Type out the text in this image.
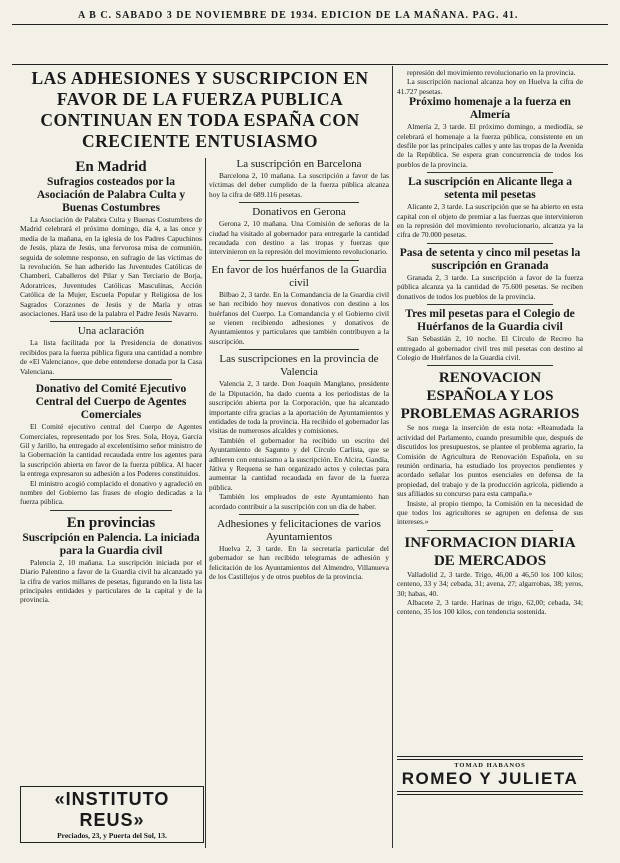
A B C. SABADO 3 DE NOVIEMBRE DE 1934. EDICION DE LA MAÑANA. PAG. 41.
LAS ADHESIONES Y SUSCRIPCION EN FAVOR DE LA FUERZA PUBLICA CONTINUAN EN TODA ESPAÑA CON CRECIENTE ENTUSIASMO
En Madrid
Sufragios costeados por la Asociación de Palabra Culta y Buenas Costumbres

La Asociación de Palabra Culta y Buenas Costumbres de Madrid celebrará el próximo domingo, día 4, a las once y media de la mañana, en la iglesia de los Padres Capuchinos de Jesús, plaza de Jesús, una fervorosa misa de comunión, seguida de solemne responso, en sufragio de las víctimas de la revolución. Se han adherido las Juventudes Católicas de Chamberí, Caballeros del Pilar y San Terciario de Borja, Adoratrices, Juventudes Católicas Masculinas, Acción Católica de la Mujer, Escuela Popular y Religiosa de los Sagrados Corazones de Jesús y de María y otras asociaciones. Hará uso de la palabra el Padre Jesús Navarro.

Una aclaración

La lista facilitada por la Presidencia de donativos recibidos para la fuerza pública figura una cantidad a nombre de «El Valenciano», que debe entenderse donada por la Casa Valenciana.

Donativo del Comité Ejecutivo Central del Cuerpo de Agentes Comerciales

El Comité ejecutivo central del Cuerpo de Agentes Comerciales, representado por los Sres. Sola, Hoya, García Gil y Jarillo, ha entregado al excelentísimo señor ministro de la Gobernación la cantidad recaudada entre los agentes para la suscripción abierta en favor de la fuerza pública. Al hacer la entrega expresaron su adhesión a los Poderes constituidos.

El ministro acogió complacido el donativo y agradeció en nombre del Gobierno las frases de elogio dedicadas a la fuerza pública.

En provincias
Suscripción en Palencia. La iniciada para la Guardia civil

Palencia 2, 10 mañana. La suscripción iniciada por el Diario Palentino a favor de la Guardia civil ha alcanzado ya la cifra de varios millares de pesetas, figurando en la lista las principales entidades y particulares de la capital y de la provincia.

«INSTITUTO REUS»
Preciados, 23, y Puerta del Sol, 13.
La suscripción en Barcelona

Barcelona 2, 10 mañana. La suscripción a favor de las víctimas del deber cumplido de la fuerza pública alcanza hoy la cifra de 689.116 pesetas.

Donativos en Gerona

Gerona 2, 10 mañana. Una Comisión de señoras de la ciudad ha visitado al gobernador para entregarle la cantidad recaudada con destino a las tropas y fuerzas que intervinieron en la represión del movimiento revolucionario.

En favor de los huérfanos de la Guardia civil

Bilbao 2, 3 tarde. En la Comandancia de la Guardia civil se han recibido hoy nuevos donativos con destino a los huérfanos del Cuerpo. La Comandancia y el Gobierno civil se vienen recibiendo adhesiones y donativos de Ayuntamientos y particulares que también contribuyen a la suscripción.

Las suscripciones en la provincia de Valencia

Valencia 2, 3 tarde. Don Joaquín Manglano, presidente de la Diputación, ha dado cuenta a los periodistas de la suscripción abierta por la Corporación, que ha alcanzado importante cifra gracias a la aportación de Ayuntamientos y entidades de toda la provincia. Ha recibido el gobernador las visitas de numerosos alcaldes y comisiones.

También el gobernador ha recibido un escrito del Ayuntamiento de Sagunto y del Círculo Carlista, que se adhieren con entusiasmo a la suscripción. En Alcira, Gandía, Játiva y Requena se han organizado actos y colectas para aumentar la cantidad recaudada en favor de la fuerza pública.

También los empleados de este Ayuntamiento han acordado contribuir a la suscripción con un día de haber.

Adhesiones y felicitaciones de varios Ayuntamientos

Huelva 2, 3 tarde. En la secretaría particular del gobernador se han recibido telegramas de adhesión y felicitación de los Ayuntamientos del Almendro, Villanueva de los Castillejos y de otros pueblos de la provincia.

represión del movimiento revolucionario en la provincia.

La suscripción nacional alcanza hoy en Huelva la cifra de 41.727 pesetas.

Próximo homenaje a la fuerza en Almería

Almería 2, 3 tarde. El próximo domingo, a mediodía, se celebrará el homenaje a la fuerza pública, consistente en un desfile por las principales calles y ante las tropas de la Avenida de la República. Se espera gran concurrencia de todos los pueblos de la provincia.

La suscripción en Alicante llega a setenta mil pesetas

Alicante 2, 3 tarde. La suscripción que se ha abierto en esta capital con el objeto de premiar a las fuerzas que intervinieron en la represión del movimiento revolucionario, alcanza ya la cifra de 70.000 pesetas.

Pasa de setenta y cinco mil pesetas la suscripción en Granada

Granada 2, 3 tarde. La suscripción a favor de la fuerza pública alcanza ya la cantidad de 75.600 pesetas. Se reciben donativos de todos los pueblos de la provincia.

Tres mil pesetas para el Colegio de Huérfanos de la Guardia civil

San Sebastián 2, 10 noche. El Círculo de Recreo ha entregado al gobernador civil tres mil pesetas con destino al Colegio de Huérfanos de la Guardia civil.

RENOVACION ESPAÑOLA Y LOS PROBLEMAS AGRARIOS

Se nos ruega la inserción de esta nota: «Reanudada la actividad del Parlamento, cuando presumible que, después de discutidos los presupuestos, se plantee el problema agrario, la Comisión de Agricultura de Renovación Española, en su reunión ordinaria, ha estudiado los proyectos pendientes y acordado señalar los puntos esenciales en defensa de la propiedad, del trabajo y de la producción agrícola, pidiendo a sus afiliados su concurso para esta campaña.»

Insiste, al propio tiempo, la Comisión en la necesidad de que todos los agricultores se agrupen en defensa de sus intereses.»

INFORMACION DIARIA DE MERCADOS

Valladolid 2, 3 tarde. Trigo, 46,00 a 46,50 los 100 kilos; centeno, 33 y 34; cebada, 31; avena, 27; algarrobas, 38; yeros, 30; habas, 40.

Albacete 2, 3 tarde. Harinas de trigo, 62,00; cebada, 34; centeno, 35 los 100 kilos, con tendencia sostenida.

TOMAD HABANOS
ROMEO Y JULIETA
